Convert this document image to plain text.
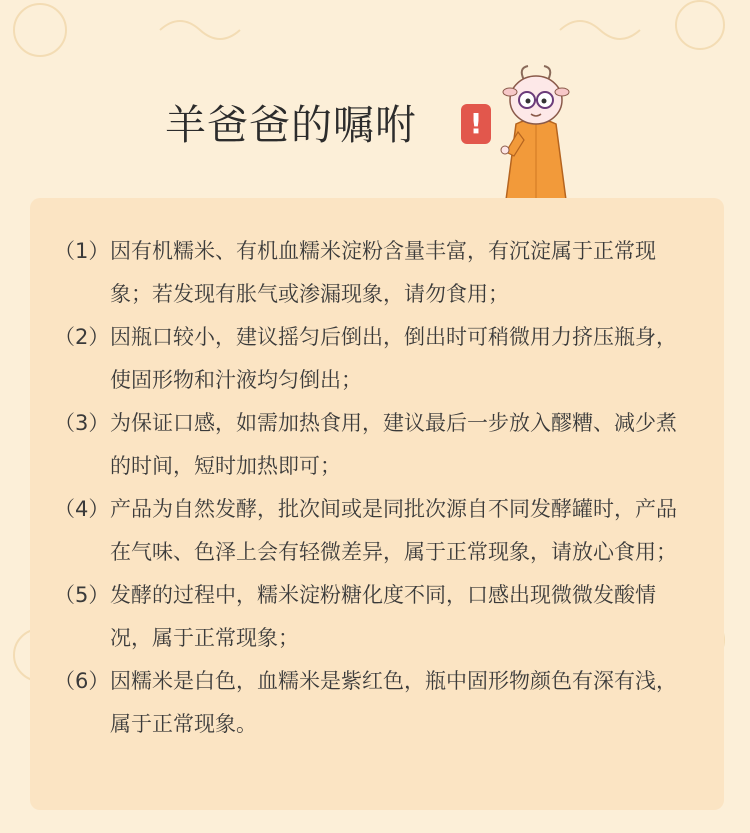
羊爸爸的嘱咐	!
（1） 因有机糯米、有机血糯米淀粉含量丰富，有沉淀属于正常现象；若发现有胀气或渗漏现象，请勿食用；
（2） 因瓶口较小，建议摇匀后倒出，倒出时可稍微用力挤压瓶身，使固形物和汁液均匀倒出；
（3） 为保证口感，如需加热食用，建议最后一步放入醪糟、减少煮的时间，短时加热即可；
（4） 产品为自然发酵，批次间或是同批次源自不同发酵罐时，产品在气味、色泽上会有轻微差异，属于正常现象，请放心食用；
（5） 发酵的过程中，糯米淀粉糖化度不同，口感出现微微发酸情况，属于正常现象；
（6） 因糯米是白色，血糯米是紫红色，瓶中固形物颜色有深有浅，属于正常现象。
